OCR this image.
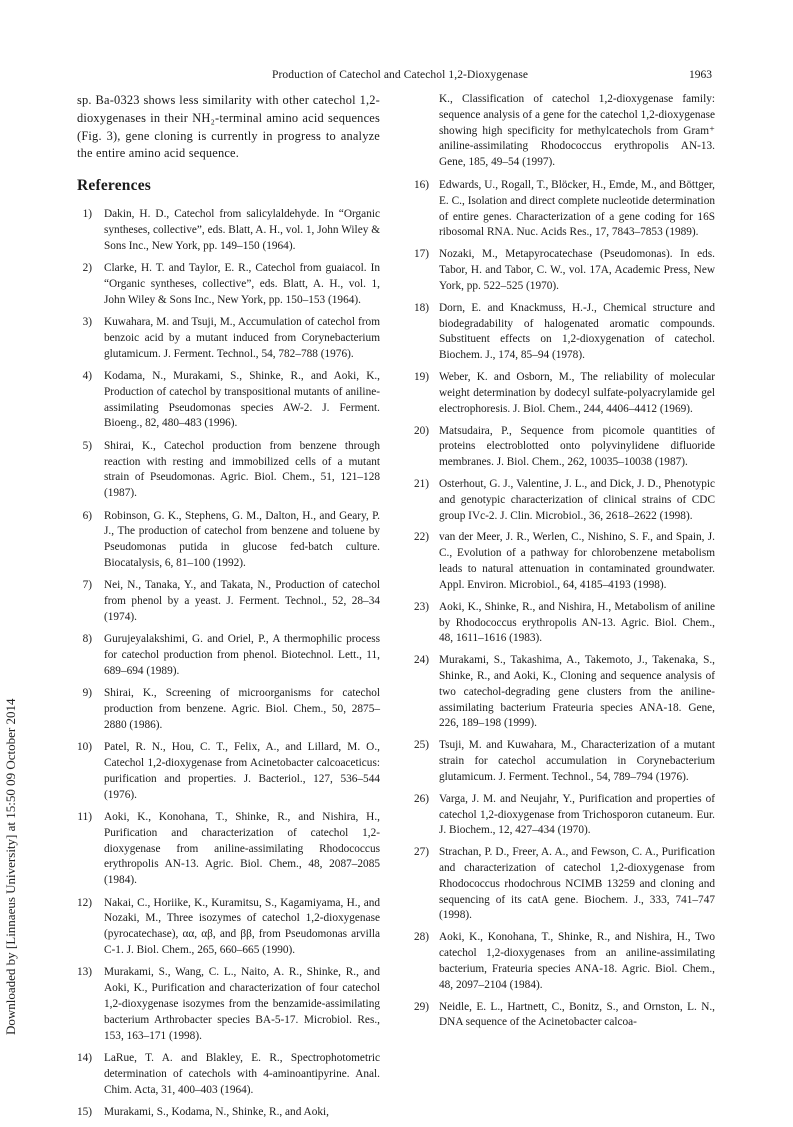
Production of Catechol and Catechol 1,2-Dioxygenase	1963
Downloaded by [Linnaeus University] at 15:50 09 October 2014

sp. Ba-0323 shows less similarity with other catechol 1,2-dioxygenases in their NH₂-terminal amino acid sequences (Fig. 3), gene cloning is currently in progress to analyze the entire amino acid sequence.

References
1) Dakin, H. D., Catechol from salicylaldehyde. In “Organic syntheses, collective”, eds. Blatt, A. H., vol. 1, John Wiley & Sons Inc., New York, pp. 149–150 (1964).
2) Clarke, H. T. and Taylor, E. R., Catechol from guaiacol. In “Organic syntheses, collective”, eds. Blatt, A. H., vol. 1, John Wiley & Sons Inc., New York, pp. 150–153 (1964).
3) Kuwahara, M. and Tsuji, M., Accumulation of catechol from benzoic acid by a mutant induced from Corynebacterium glutamicum. J. Ferment. Technol., 54, 782–788 (1976).
4) Kodama, N., Murakami, S., Shinke, R., and Aoki, K., Production of catechol by transpositional mutants of aniline-assimilating Pseudomonas species AW-2. J. Ferment. Bioeng., 82, 480–483 (1996).
5) Shirai, K., Catechol production from benzene through reaction with resting and immobilized cells of a mutant strain of Pseudomonas. Agric. Biol. Chem., 51, 121–128 (1987).
6) Robinson, G. K., Stephens, G. M., Dalton, H., and Geary, P. J., The production of catechol from benzene and toluene by Pseudomonas putida in glucose fed-batch culture. Biocatalysis, 6, 81–100 (1992).
7) Nei, N., Tanaka, Y., and Takata, N., Production of catechol from phenol by a yeast. J. Ferment. Technol., 52, 28–34 (1974).
8) Gurujeyalakshimi, G. and Oriel, P., A thermophilic process for catechol production from phenol. Biotechnol. Lett., 11, 689–694 (1989).
9) Shirai, K., Screening of microorganisms for catechol production from benzene. Agric. Biol. Chem., 50, 2875–2880 (1986).
10) Patel, R. N., Hou, C. T., Felix, A., and Lillard, M. O., Catechol 1,2-dioxygenase from Acinetobacter calcoaceticus: purification and properties. J. Bacteriol., 127, 536–544 (1976).
11) Aoki, K., Konohana, T., Shinke, R., and Nishira, H., Purification and characterization of catechol 1,2-dioxygenase from aniline-assimilating Rhodococcus erythropolis AN-13. Agric. Biol. Chem., 48, 2087–2085 (1984).
12) Nakai, C., Horiike, K., Kuramitsu, S., Kagamiyama, H., and Nozaki, M., Three isozymes of catechol 1,2-dioxygenase (pyrocatechase), αα, αβ, and ββ, from Pseudomonas arvilla C-1. J. Biol. Chem., 265, 660–665 (1990).
13) Murakami, S., Wang, C. L., Naito, A. R., Shinke, R., and Aoki, K., Purification and characterization of four catechol 1,2-dioxygenase isozymes from the benzamide-assimilating bacterium Arthrobacter species BA-5-17. Microbiol. Res., 153, 163–171 (1998).
14) LaRue, T. A. and Blakley, E. R., Spectrophotometric determination of catechols with 4-aminoantipyrine. Anal. Chim. Acta, 31, 400–403 (1964).
15) Murakami, S., Kodama, N., Shinke, R., and Aoki,
K., Classification of catechol 1,2-dioxygenase family: sequence analysis of a gene for the catechol 1,2-dioxygenase showing high specificity for methylcatechols from Gram⁺ aniline-assimilating Rhodococcus erythropolis AN-13. Gene, 185, 49–54 (1997).
16) Edwards, U., Rogall, T., Blöcker, H., Emde, M., and Böttger, E. C., Isolation and direct complete nucleotide determination of entire genes. Characterization of a gene coding for 16S ribosomal RNA. Nuc. Acids Res., 17, 7843–7853 (1989).
17) Nozaki, M., Metapyrocatechase (Pseudomonas). In eds. Tabor, H. and Tabor, C. W., vol. 17A, Academic Press, New York, pp. 522–525 (1970).
18) Dorn, E. and Knackmuss, H.-J., Chemical structure and biodegradability of halogenated aromatic compounds. Substituent effects on 1,2-dioxygenation of catechol. Biochem. J., 174, 85–94 (1978).
19) Weber, K. and Osborn, M., The reliability of molecular weight determination by dodecyl sulfate-polyacrylamide gel electrophoresis. J. Biol. Chem., 244, 4406–4412 (1969).
20) Matsudaira, P., Sequence from picomole quantities of proteins electroblotted onto polyvinylidene difluoride membranes. J. Biol. Chem., 262, 10035–10038 (1987).
21) Osterhout, G. J., Valentine, J. L., and Dick, J. D., Phenotypic and genotypic characterization of clinical strains of CDC group IVc-2. J. Clin. Microbiol., 36, 2618–2622 (1998).
22) van der Meer, J. R., Werlen, C., Nishino, S. F., and Spain, J. C., Evolution of a pathway for chlorobenzene metabolism leads to natural attenuation in contaminated groundwater. Appl. Environ. Microbiol., 64, 4185–4193 (1998).
23) Aoki, K., Shinke, R., and Nishira, H., Metabolism of aniline by Rhodococcus erythropolis AN-13. Agric. Biol. Chem., 48, 1611–1616 (1983).
24) Murakami, S., Takashima, A., Takemoto, J., Takenaka, S., Shinke, R., and Aoki, K., Cloning and sequence analysis of two catechol-degrading gene clusters from the aniline-assimilating bacterium Frateuria species ANA-18. Gene, 226, 189–198 (1999).
25) Tsuji, M. and Kuwahara, M., Characterization of a mutant strain for catechol accumulation in Corynebacterium glutamicum. J. Ferment. Technol., 54, 789–794 (1976).
26) Varga, J. M. and Neujahr, Y., Purification and properties of catechol 1,2-dioxygenase from Trichosporon cutaneum. Eur. J. Biochem., 12, 427–434 (1970).
27) Strachan, P. D., Freer, A. A., and Fewson, C. A., Purification and characterization of catechol 1,2-dioxygenase from Rhodococcus rhodochrous NCIMB 13259 and cloning and sequencing of its catA gene. Biochem. J., 333, 741–747 (1998).
28) Aoki, K., Konohana, T., Shinke, R., and Nishira, H., Two catechol 1,2-dioxygenases from an aniline-assimilating bacterium, Frateuria species ANA-18. Agric. Biol. Chem., 48, 2097–2104 (1984).
29) Neidle, E. L., Hartnett, C., Bonitz, S., and Ornston, L. N., DNA sequence of the Acinetobacter calcoa-
